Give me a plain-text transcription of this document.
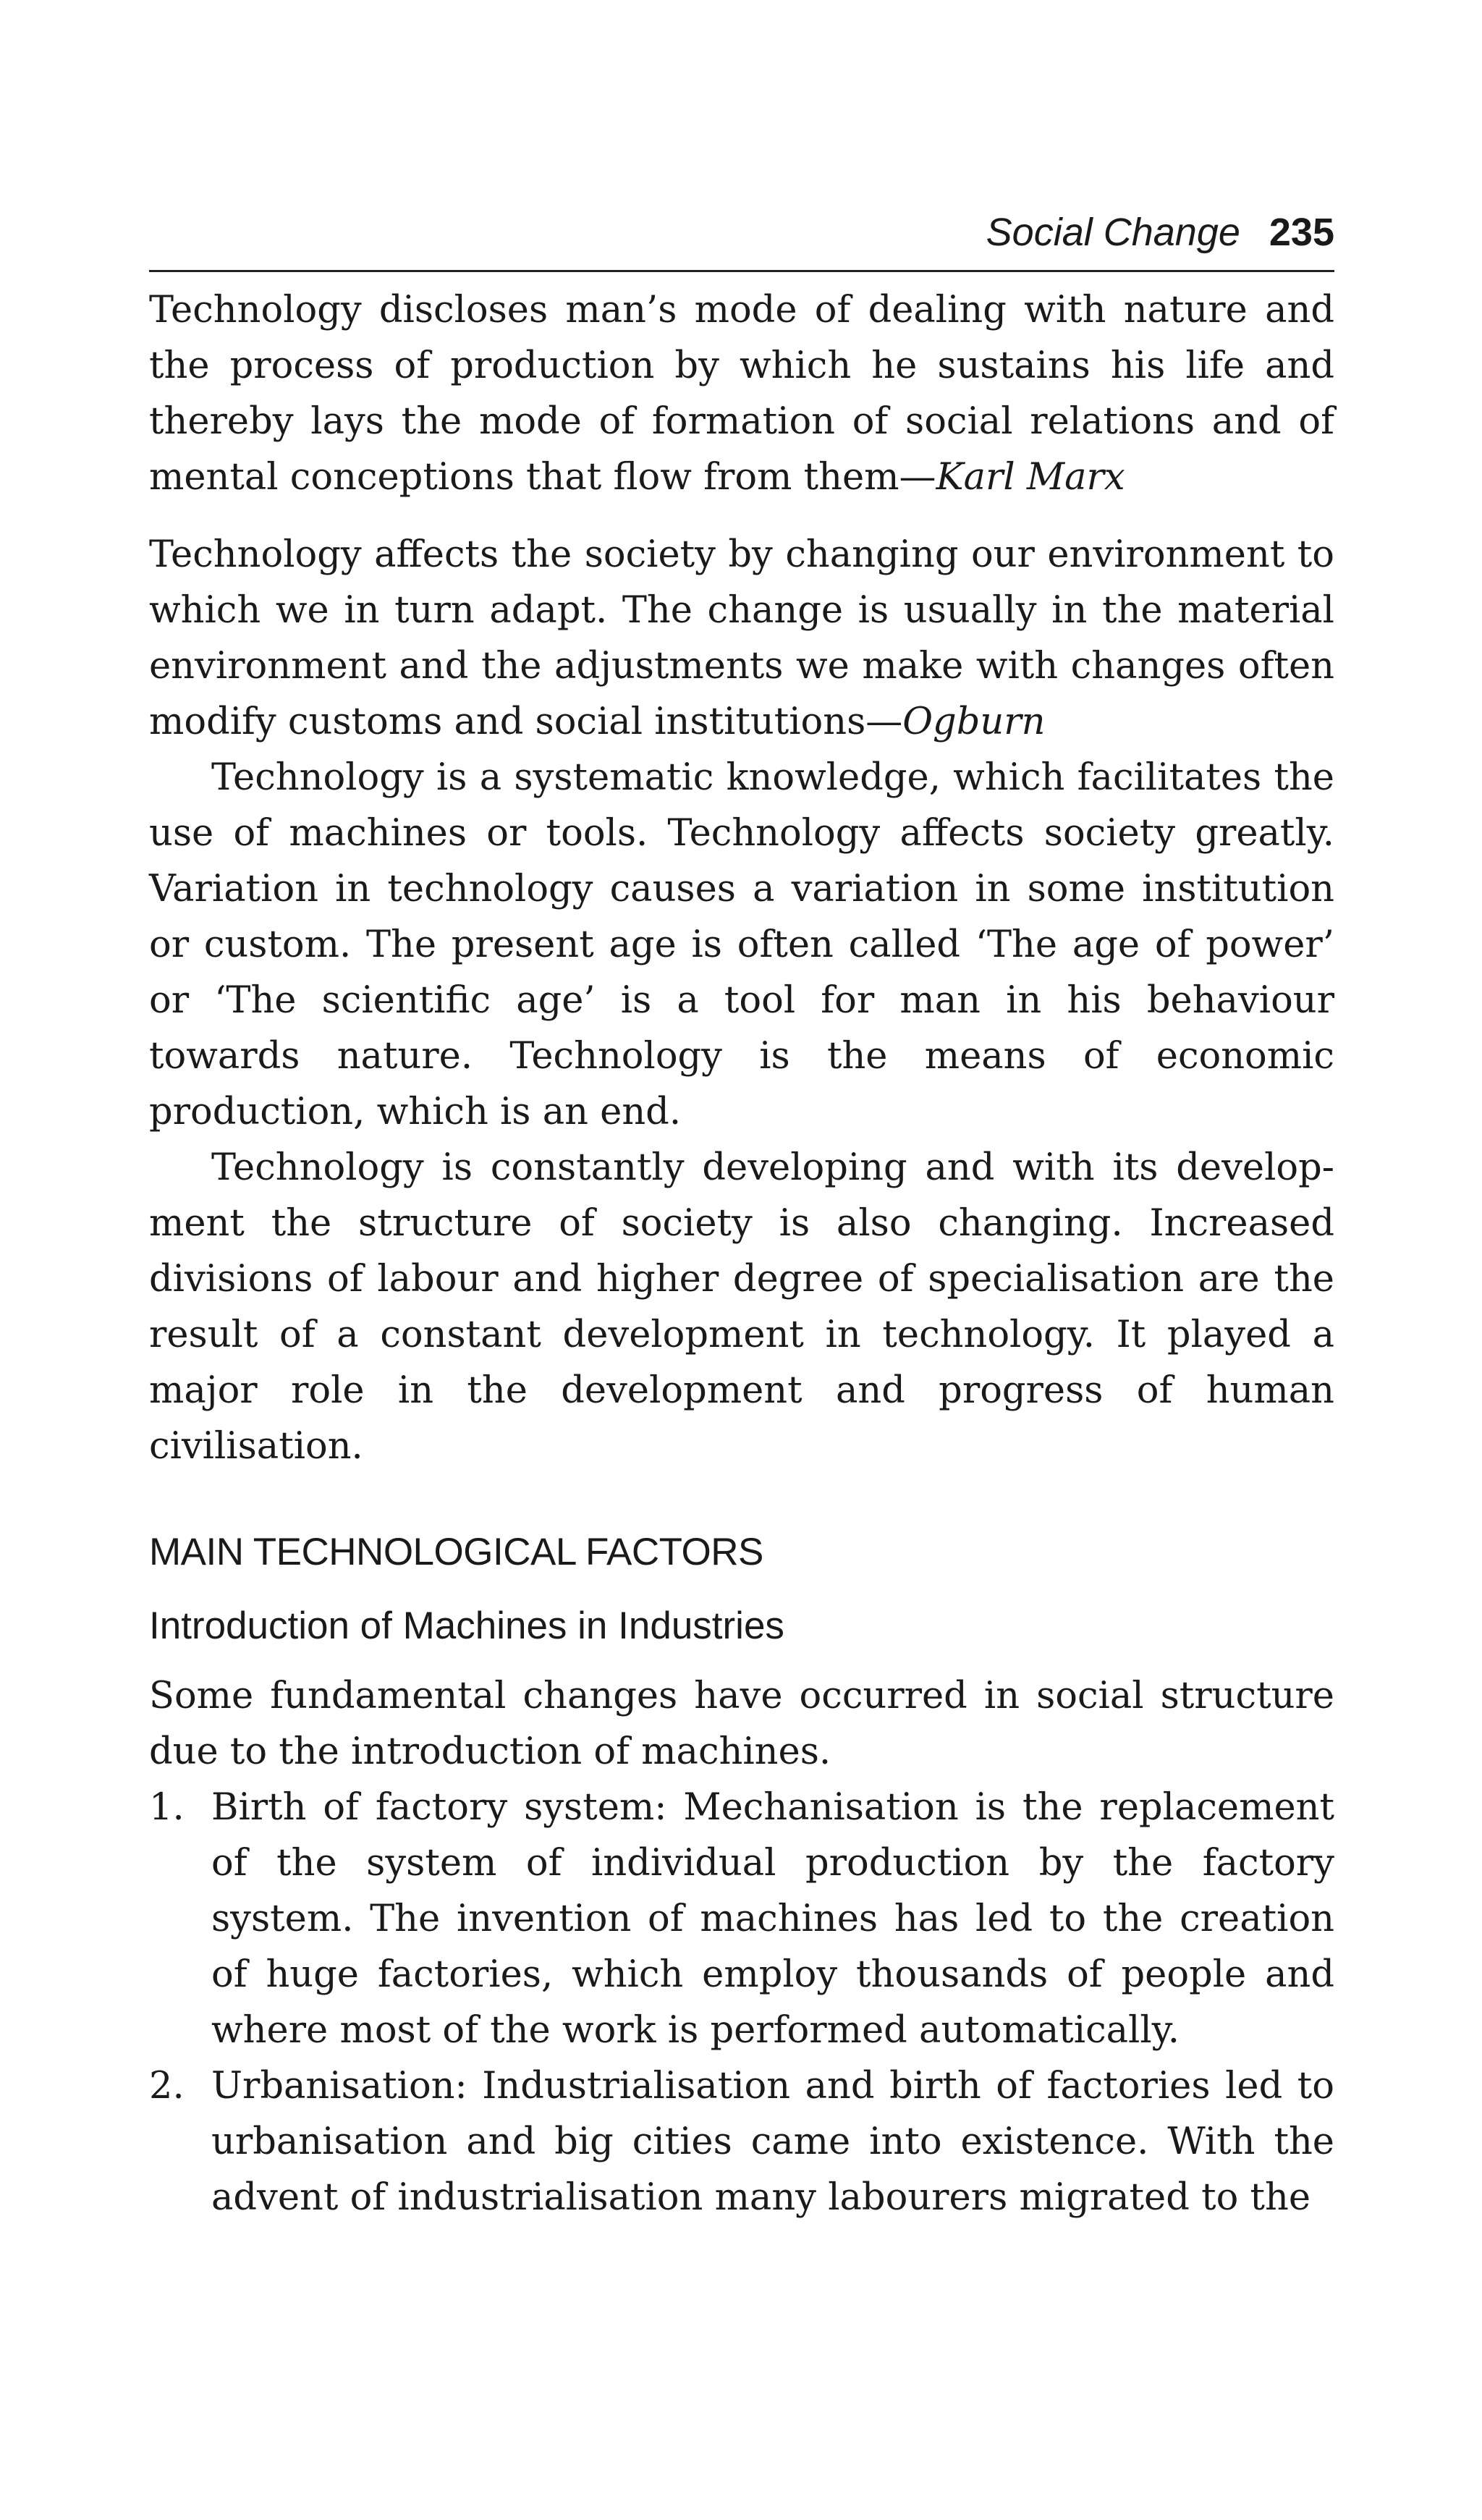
Social Change 235

Technology discloses man’s mode of dealing with nature and the process of production by which he sustains his life and thereby lays the mode of formation of social relations and of mental conceptions that flow from them—Karl Marx

Technology affects the society by changing our environment to which we in turn adapt. The change is usually in the material environment and the adjustments we make with changes often modify customs and social institutions—Ogburn

Technology is a systematic knowledge, which facilitates the use of machines or tools. Technology affects society greatly. Variation in technology causes a variation in some institution or custom. The present age is often called ‘The age of power’ or ‘The scientific age’ is a tool for man in his behaviour towards nature. Technology is the means of economic production, which is an end.

Technology is constantly developing and with its development the structure of society is also changing. Increased divisions of labour and higher degree of specialisation are the result of a constant development in technology. It played a major role in the development and progress of human civilisation.

MAIN TECHNOLOGICAL FACTORS
Introduction of Machines in Industries

Some fundamental changes have occurred in social structure due to the introduction of machines.

1. Birth of factory system: Mechanisation is the replacement of the system of individual production by the factory system. The invention of machines has led to the creation of huge factories, which employ thousands of people and where most of the work is performed automatically.
2. Urbanisation: Industrialisation and birth of factories led to urbanisation and big cities came into existence. With the advent of industrialisation many labourers migrated to the
